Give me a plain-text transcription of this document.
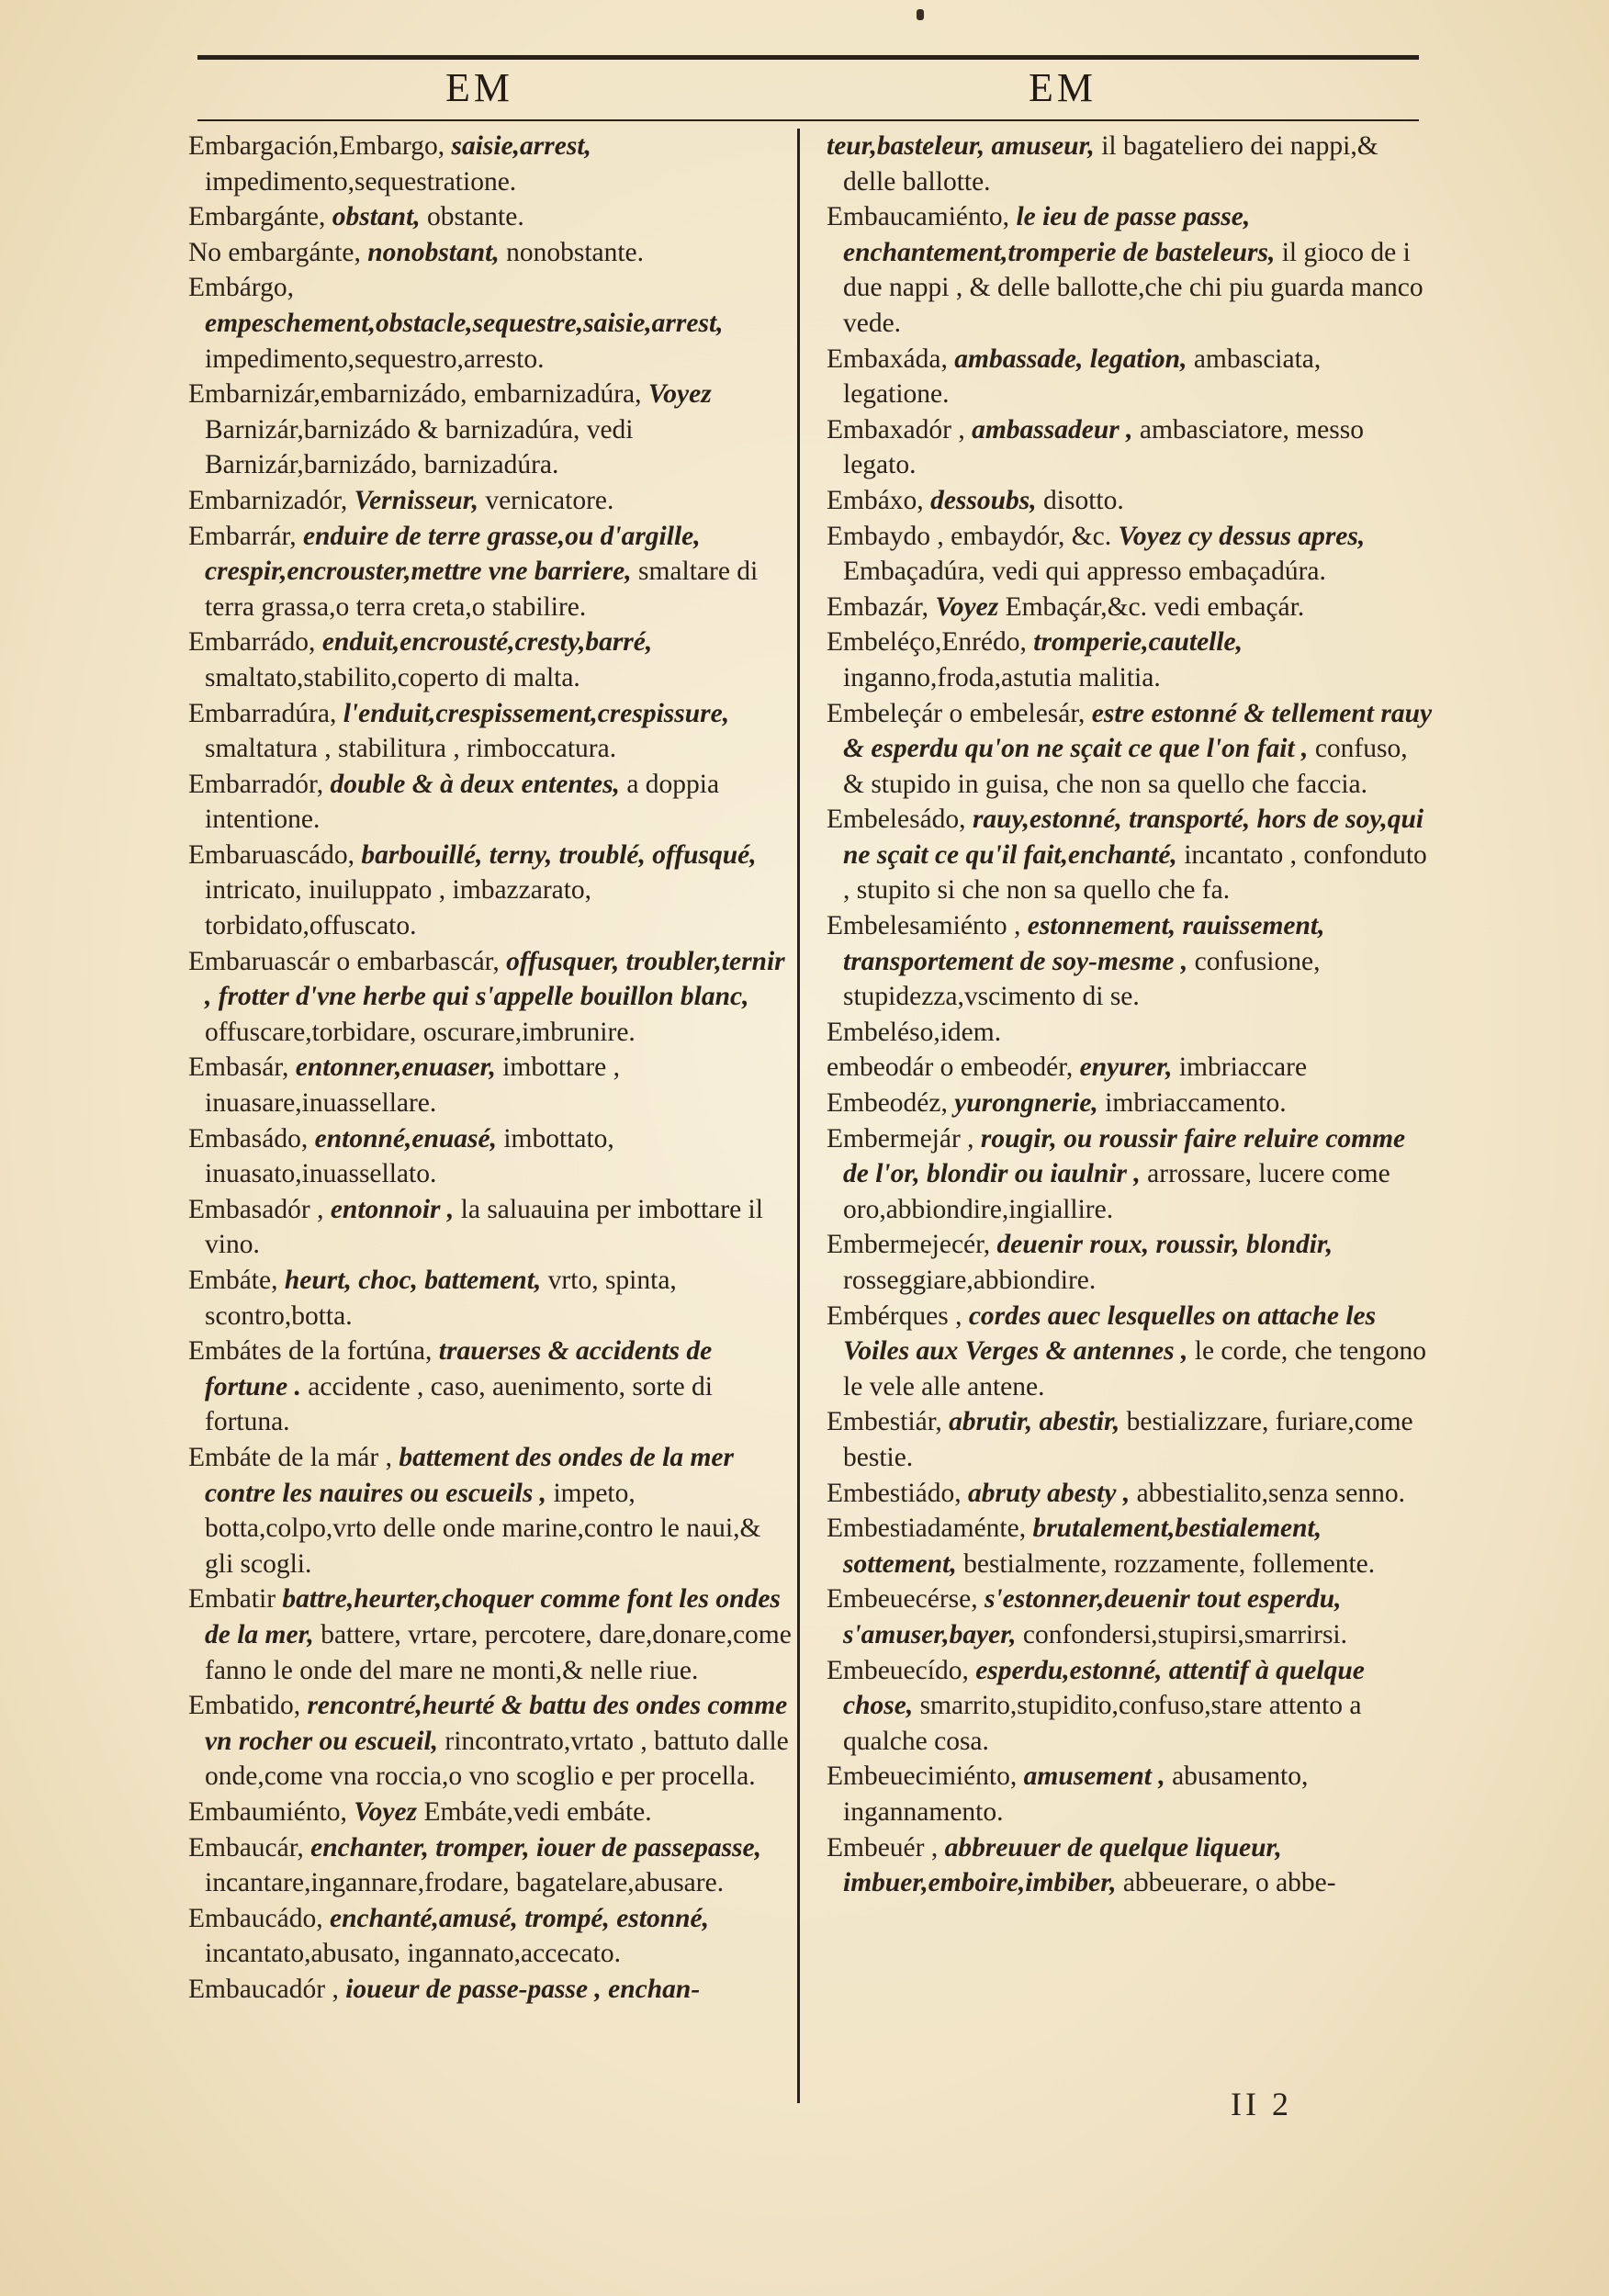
EM	EM

Embargación,Embargo, saisie,arrest, impedimento,sequestratione.

Embargánte, obstant, obstante.

No embargánte, nonobstant, nonobstante.

Embárgo, empeschement,obstacle,sequestre,saisie,arrest, impedimento,sequestro,arresto.

Embarnizár,embarnizádo, embarnizadúra, Voyez Barnizár,barnizádo & barnizadúra, vedi Barnizár,barnizádo, barnizadúra.

Embarnizadór, Vernisseur, vernicatore.

Embarrár, enduire de terre grasse,ou d'argille, crespir,encrouster,mettre vne barriere, smaltare di terra grassa,o terra creta,o stabilire.

Embarrádo, enduit,encrousté,cresty,barré, smaltato,stabilito,coperto di malta.

Embarradúra, l'enduit,crespissement,crespissure, smaltatura , stabilitura , rimboccatura.

Embarradór, double & à deux ententes, a doppia intentione.

Embaruascádo, barbouillé, terny, troublé, offusqué, intricato, inuiluppato , imbazzarato, torbidato,offuscato.

Embaruascár o embarbascár, offusquer, troubler,ternir , frotter d'vne herbe qui s'appelle bouillon blanc, offuscare,torbidare, oscurare,imbrunire.

Embasár, entonner,enuaser, imbottare , inuasare,inuassellare.

Embasádo, entonné,enuasé, imbottato, inuasato,inuassellato.

Embasadór , entonnoir , la saluauina per imbottare il vino.

Embáte, heurt, choc, battement, vrto, spinta, scontro,botta.

Embátes de la fortúna, trauerses & accidents de fortune . accidente , caso, auenimento, sorte di fortuna.

Embáte de la már , battement des ondes de la mer contre les nauires ou escueils , impeto, botta,colpo,vrto delle onde marine,contro le naui,& gli scogli.

Embatir battre,heurter,choquer comme font les ondes de la mer, battere, vrtare, percotere, dare,donare,come fanno le onde del mare ne monti,& nelle riue.

Embatido, rencontré,heurté & battu des ondes comme vn rocher ou escueil, rincontrato,vrtato , battuto dalle onde,come vna roccia,o vno scoglio e per procella.

Embaumiénto, Voyez Embáte,vedi embáte.

Embaucár, enchanter, tromper, iouer de passepasse, incantare,ingannare,frodare, bagatelare,abusare.

Embaucádo, enchanté,amusé, trompé, estonné, incantato,abusato, ingannato,accecato.

Embaucadór , ioueur de passe-passe , enchan-

teur,basteleur, amuseur, il bagateliero dei nappi,& delle ballotte.

Embaucamiénto, le ieu de passe passe, enchantement,tromperie de basteleurs, il gioco de i due nappi , & delle ballotte,che chi piu guarda manco vede.

Embaxáda, ambassade, legation, ambasciata, legatione.

Embaxadór , ambassadeur , ambasciatore, messo legato.

Embáxo, dessoubs, disotto.

Embaydo , embaydór, &c. Voyez cy dessus apres, Embaçadúra, vedi qui appresso embaçadúra.

Embazár, Voyez Embaçár,&c. vedi embaçár.

Embeléço,Enrédo, tromperie,cautelle, inganno,froda,astutia malitia.

Embeleçár o embelesár, estre estonné & tellement rauy & esperdu qu'on ne sçait ce que l'on fait , confuso, & stupido in guisa, che non sa quello che faccia.

Embelesádo, rauy,estonné, transporté, hors de soy,qui ne sçait ce qu'il fait,enchanté, incantato , confonduto , stupito si che non sa quello che fa.

Embelesamiénto , estonnement, rauissement, transportement de soy-mesme , confusione, stupidezza,vscimento di se.

Embeléso,idem.

embeodár o embeodér, enyurer, imbriaccare

Embeodéz, yurongnerie, imbriaccamento.

Embermejár , rougir, ou roussir faire reluire comme de l'or, blondir ou iaulnir , arrossare, lucere come oro,abbiondire,ingiallire.

Embermejecér, deuenir roux, roussir, blondir, rosseggiare,abbiondire.

Embérques , cordes auec lesquelles on attache les Voiles aux Verges & antennes , le corde, che tengono le vele alle antene.

Embestiár, abrutir, abestir, bestializzare, furiare,come bestie.

Embestiádo, abruty abesty , abbestialito,senza senno.

Embestiadaménte, brutalement,bestialement, sottement, bestialmente, rozzamente, follemente.

Embeuecérse, s'estonner,deuenir tout esperdu, s'amuser,bayer, confondersi,stupirsi,smarrirsi.

Embeuecído, esperdu,estonné, attentif à quelque chose, smarrito,stupidito,confuso,stare attento a qualche cosa.

Embeuecimiénto, amusement , abusamento, ingannamento.

Embeuér , abbreuuer de quelque liqueur, imbuer,emboire,imbiber, abbeuerare, o abbe-

II 2
